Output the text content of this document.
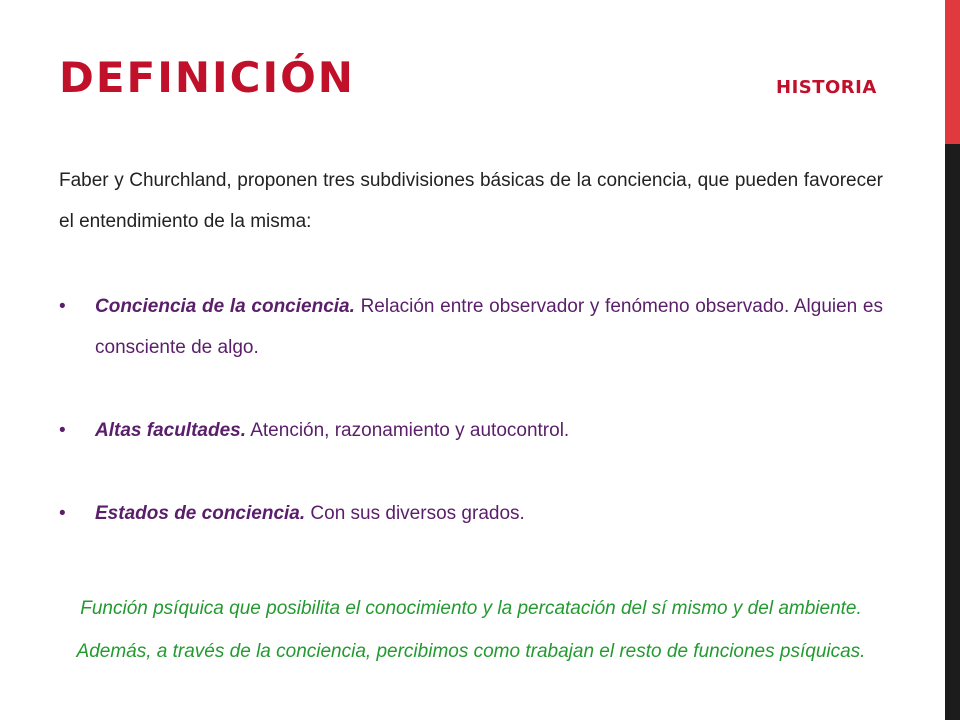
DEFINICIÓN	HISTORIA

Faber y Churchland, proponen tres subdivisiones básicas de la conciencia, que pueden favorecer el entendimiento de la misma:

• Conciencia de la conciencia. Relación entre observador y fenómeno observado. Alguien es consciente de algo.
• Altas facultades. Atención, razonamiento y autocontrol.
• Estados de conciencia. Con sus diversos grados.

Función psíquica que posibilita el conocimiento y la percatación del sí mismo y del ambiente. Además, a través de la conciencia, percibimos como trabajan el resto de funciones psíquicas.
